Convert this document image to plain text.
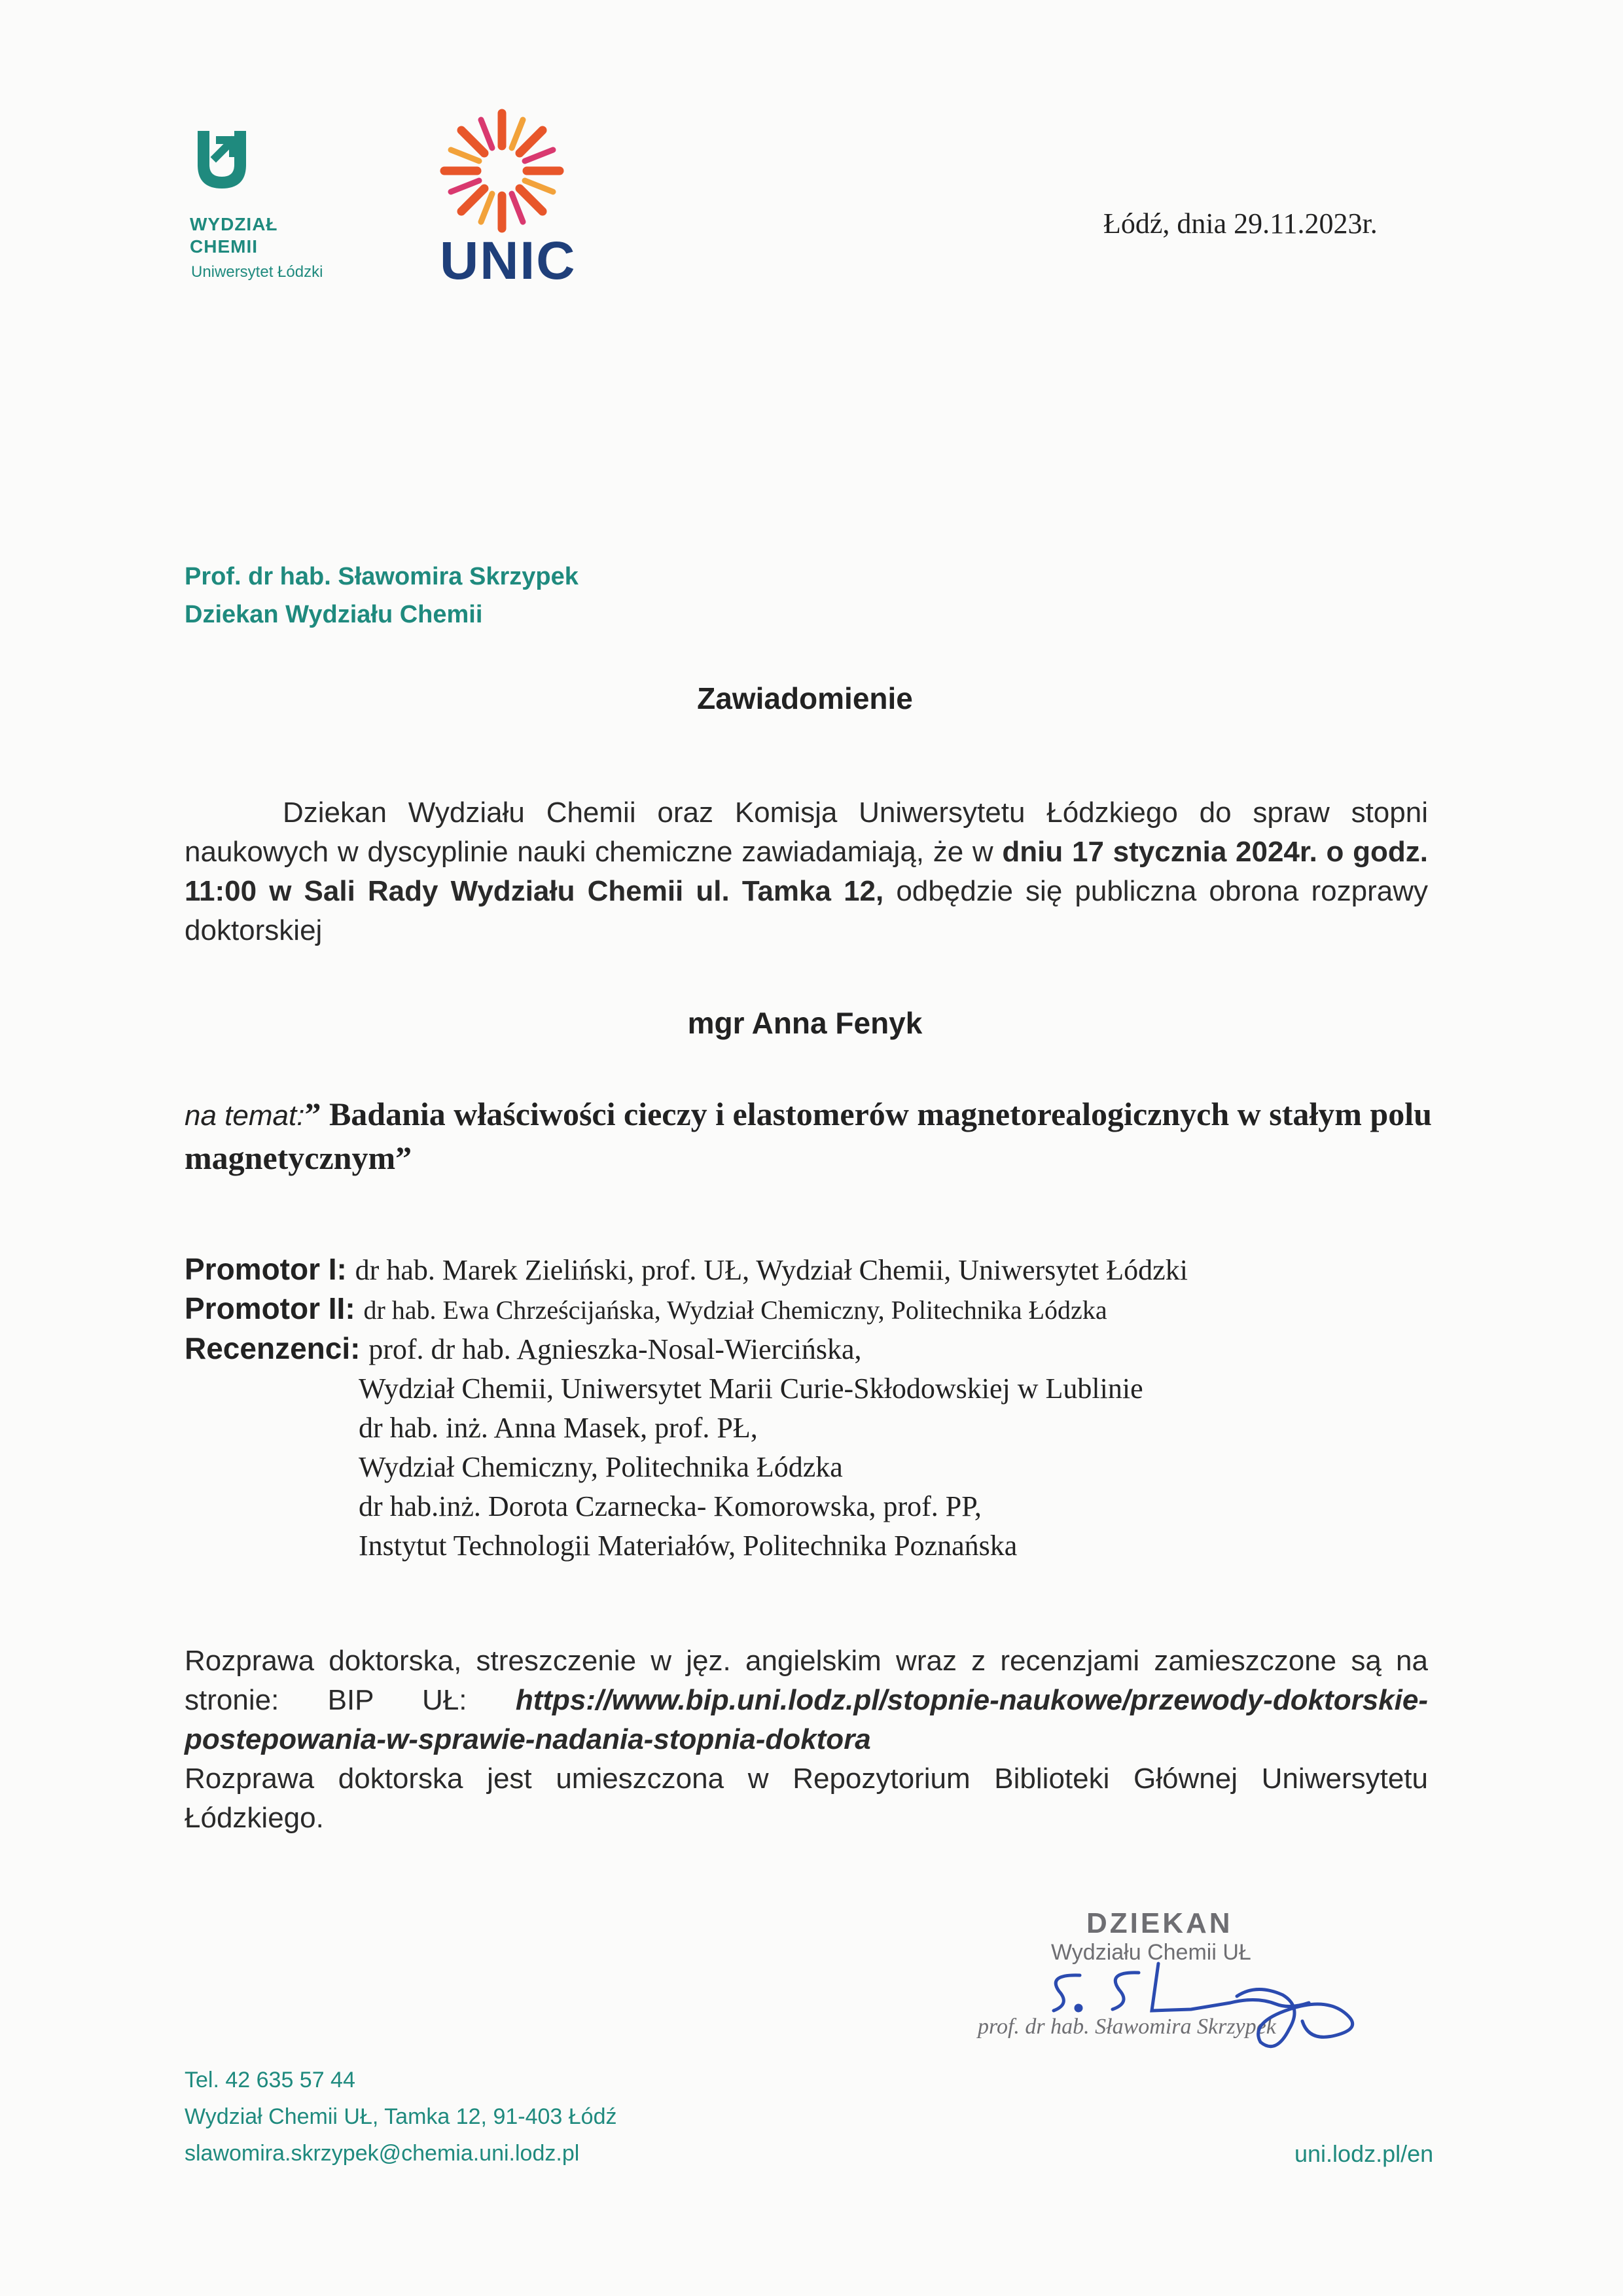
WYDZIAŁ
CHEMII
Uniwersytet Łódzki UNIC
Łódź, dnia 29.11.2023r.
Prof. dr hab. Sławomira Skrzypek
Dziekan Wydziału Chemii
Zawiadomienie
Dziekan Wydziału Chemii oraz Komisja Uniwersytetu Łódzkiego do spraw stopni naukowych w dyscyplinie nauki chemiczne zawiadamiają, że w dniu 17 stycznia 2024r. o godz. 11:00 w Sali Rady Wydziału Chemii ul. Tamka 12, odbędzie się publiczna obrona rozprawy doktorskiej
mgr Anna Fenyk
na temat:” Badania właściwości cieczy i elastomerów magnetorealogicznych w stałym polu magnetycznym”
Promotor I: dr hab. Marek Zieliński, prof. UŁ, Wydział Chemii, Uniwersytet Łódzki
Promotor II: dr hab. Ewa Chrześcijańska, Wydział Chemiczny, Politechnika Łódzka
Recenzenci: prof. dr hab. Agnieszka-Nosal-Wiercińska,
Wydział Chemii, Uniwersytet Marii Curie-Skłodowskiej w Lublinie
dr hab. inż. Anna Masek, prof. PŁ,
Wydział Chemiczny, Politechnika Łódzka
dr hab.inż. Dorota Czarnecka- Komorowska, prof. PP,
Instytut Technologii Materiałów, Politechnika Poznańska
Rozprawa doktorska, streszczenie w jęz. angielskim wraz z recenzjami zamieszczone są na stronie: BIP UŁ: https://www.bip.uni.lodz.pl/stopnie-naukowe/przewody-doktorskie-postepowania-w-sprawie-nadania-stopnia-doktora
Rozprawa doktorska jest umieszczona w Repozytorium Biblioteki Głównej Uniwersytetu Łódzkiego.
DZIEKAN
Wydziału Chemii UŁ
prof. dr hab. Sławomira Skrzypek
Tel. 42 635 57 44
Wydział Chemii UŁ, Tamka 12, 91-403 Łódź
slawomira.skrzypek@chemia.uni.lodz.pl	uni.lodz.pl/en
